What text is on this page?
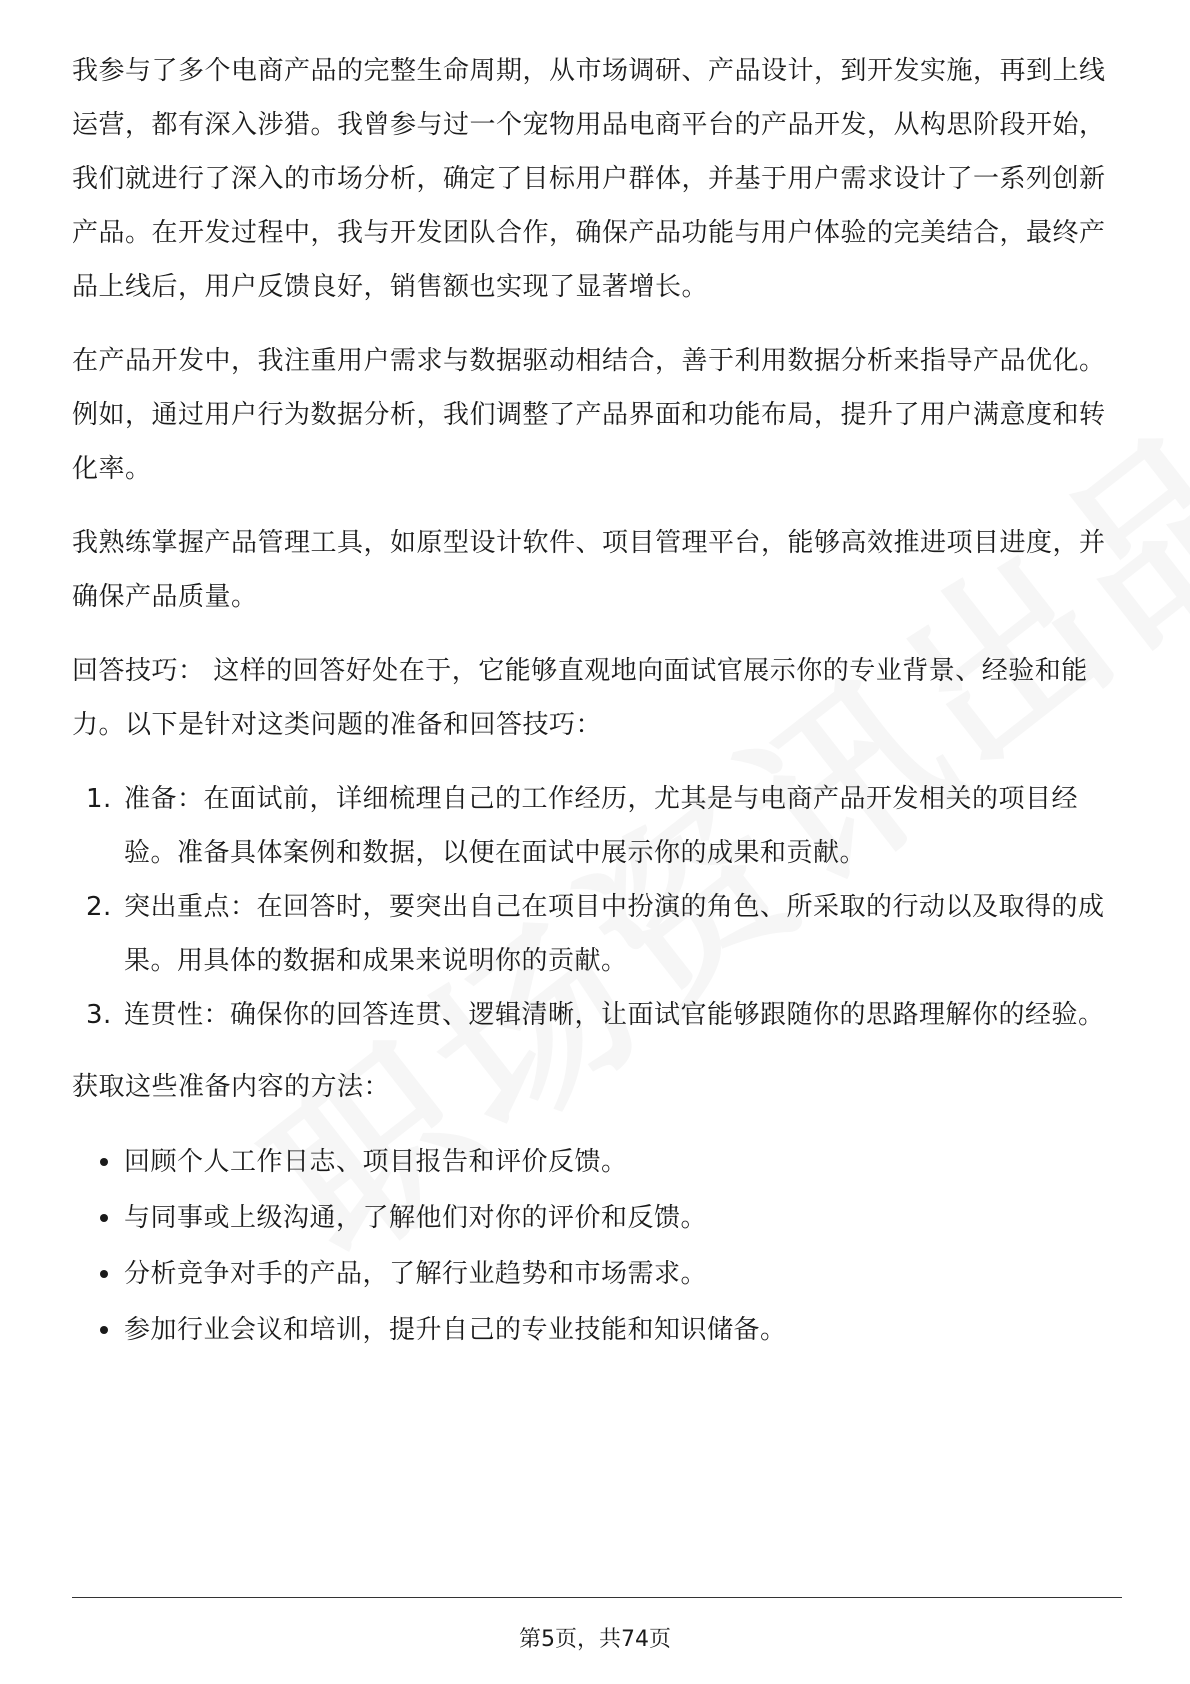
我参与了多个电商产品的完整生命周期，从市场调研、产品设计，到开发实施，再到上线运营，都有深入涉猎。我曾参与过一个宠物用品电商平台的产品开发，从构思阶段开始，我们就进行了深入的市场分析，确定了目标用户群体，并基于用户需求设计了一系列创新产品。在开发过程中，我与开发团队合作，确保产品功能与用户体验的完美结合，最终产品上线后，用户反馈良好，销售额也实现了显著增长。

在产品开发中，我注重用户需求与数据驱动相结合，善于利用数据分析来指导产品优化。例如，通过用户行为数据分析，我们调整了产品界面和功能布局，提升了用户满意度和转化率。

我熟练掌握产品管理工具，如原型设计软件、项目管理平台，能够高效推进项目进度，并确保产品质量。

回答技巧： 这样的回答好处在于，它能够直观地向面试官展示你的专业背景、经验和能力。以下是针对这类问题的准备和回答技巧：

1. 准备：在面试前，详细梳理自己的工作经历，尤其是与电商产品开发相关的项目经验。准备具体案例和数据，以便在面试中展示你的成果和贡献。
2. 突出重点：在回答时，要突出自己在项目中扮演的角色、所采取的行动以及取得的成果。用具体的数据和成果来说明你的贡献。
3. 连贯性：确保你的回答连贯、逻辑清晰，让面试官能够跟随你的思路理解你的经验。

获取这些准备内容的方法：

回顾个人工作日志、项目报告和评价反馈。
与同事或上级沟通，了解他们对你的评价和反馈。
分析竞争对手的产品，了解行业趋势和市场需求。
参加行业会议和培训，提升自己的专业技能和知识储备。
第5页，共74页
